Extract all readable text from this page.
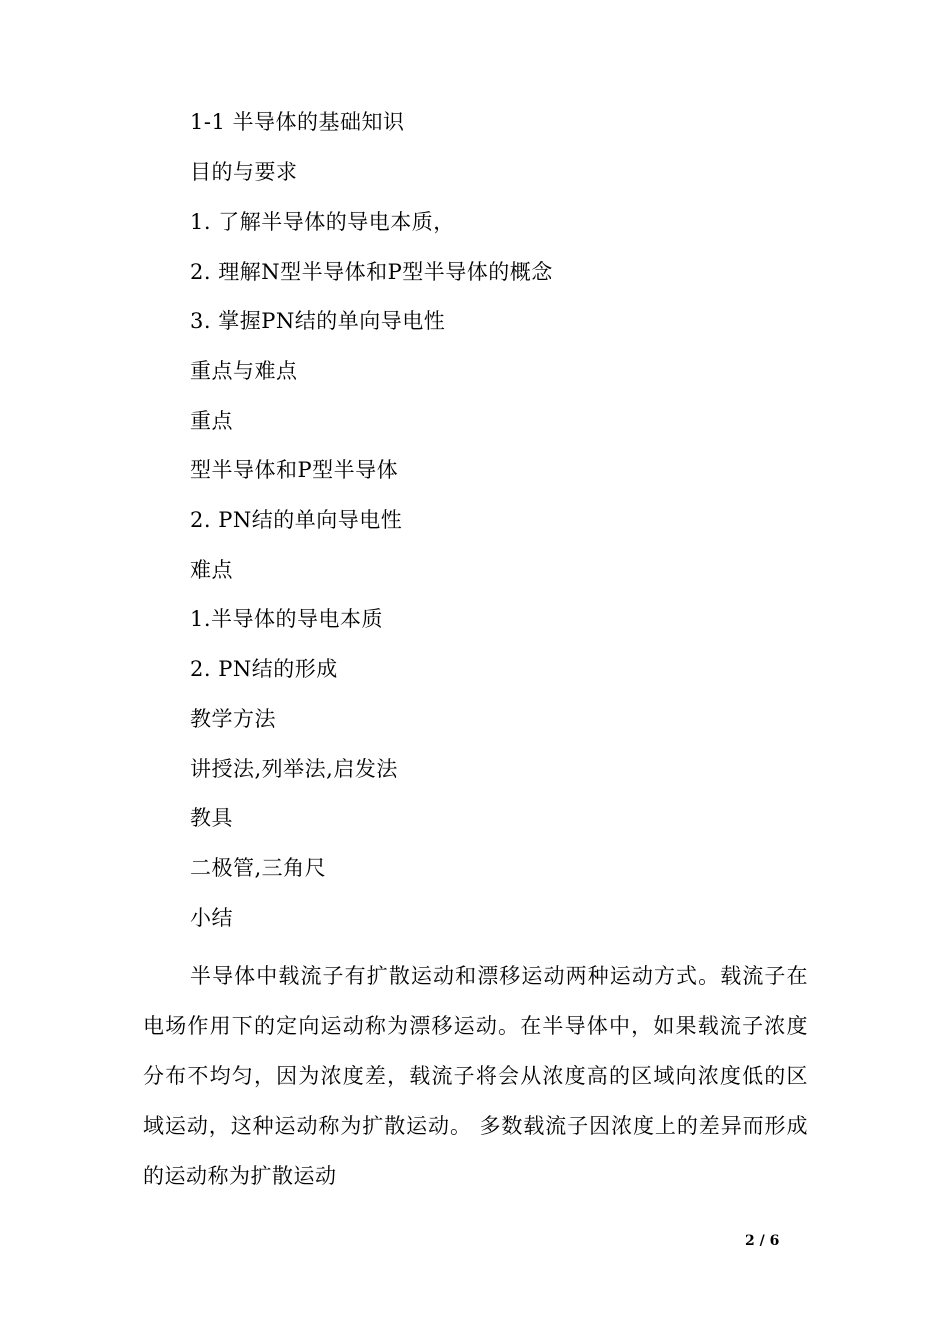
1-1 半导体的基础知识
目的与要求
1. 了解半导体的导电本质，
2. 理解N型半导体和P型半导体的概念
3. 掌握PN结的单向导电性
重点与难点
重点
型半导体和P型半导体
2. PN结的单向导电性
难点
1.半导体的导电本质
2. PN结的形成
教学方法
讲授法,列举法,启发法
教具
二极管,三角尺
小结
半导体中载流子有扩散运动和漂移运动两种运动方式。载流子在电场作用下的定向运动称为漂移运动。在半导体中，如果载流子浓度分布不均匀，因为浓度差，载流子将会从浓度高的区域向浓度低的区域运动，这种运动称为扩散运动。 多数载流子因浓度上的差异而形成的运动称为扩散运动
2 / 6
